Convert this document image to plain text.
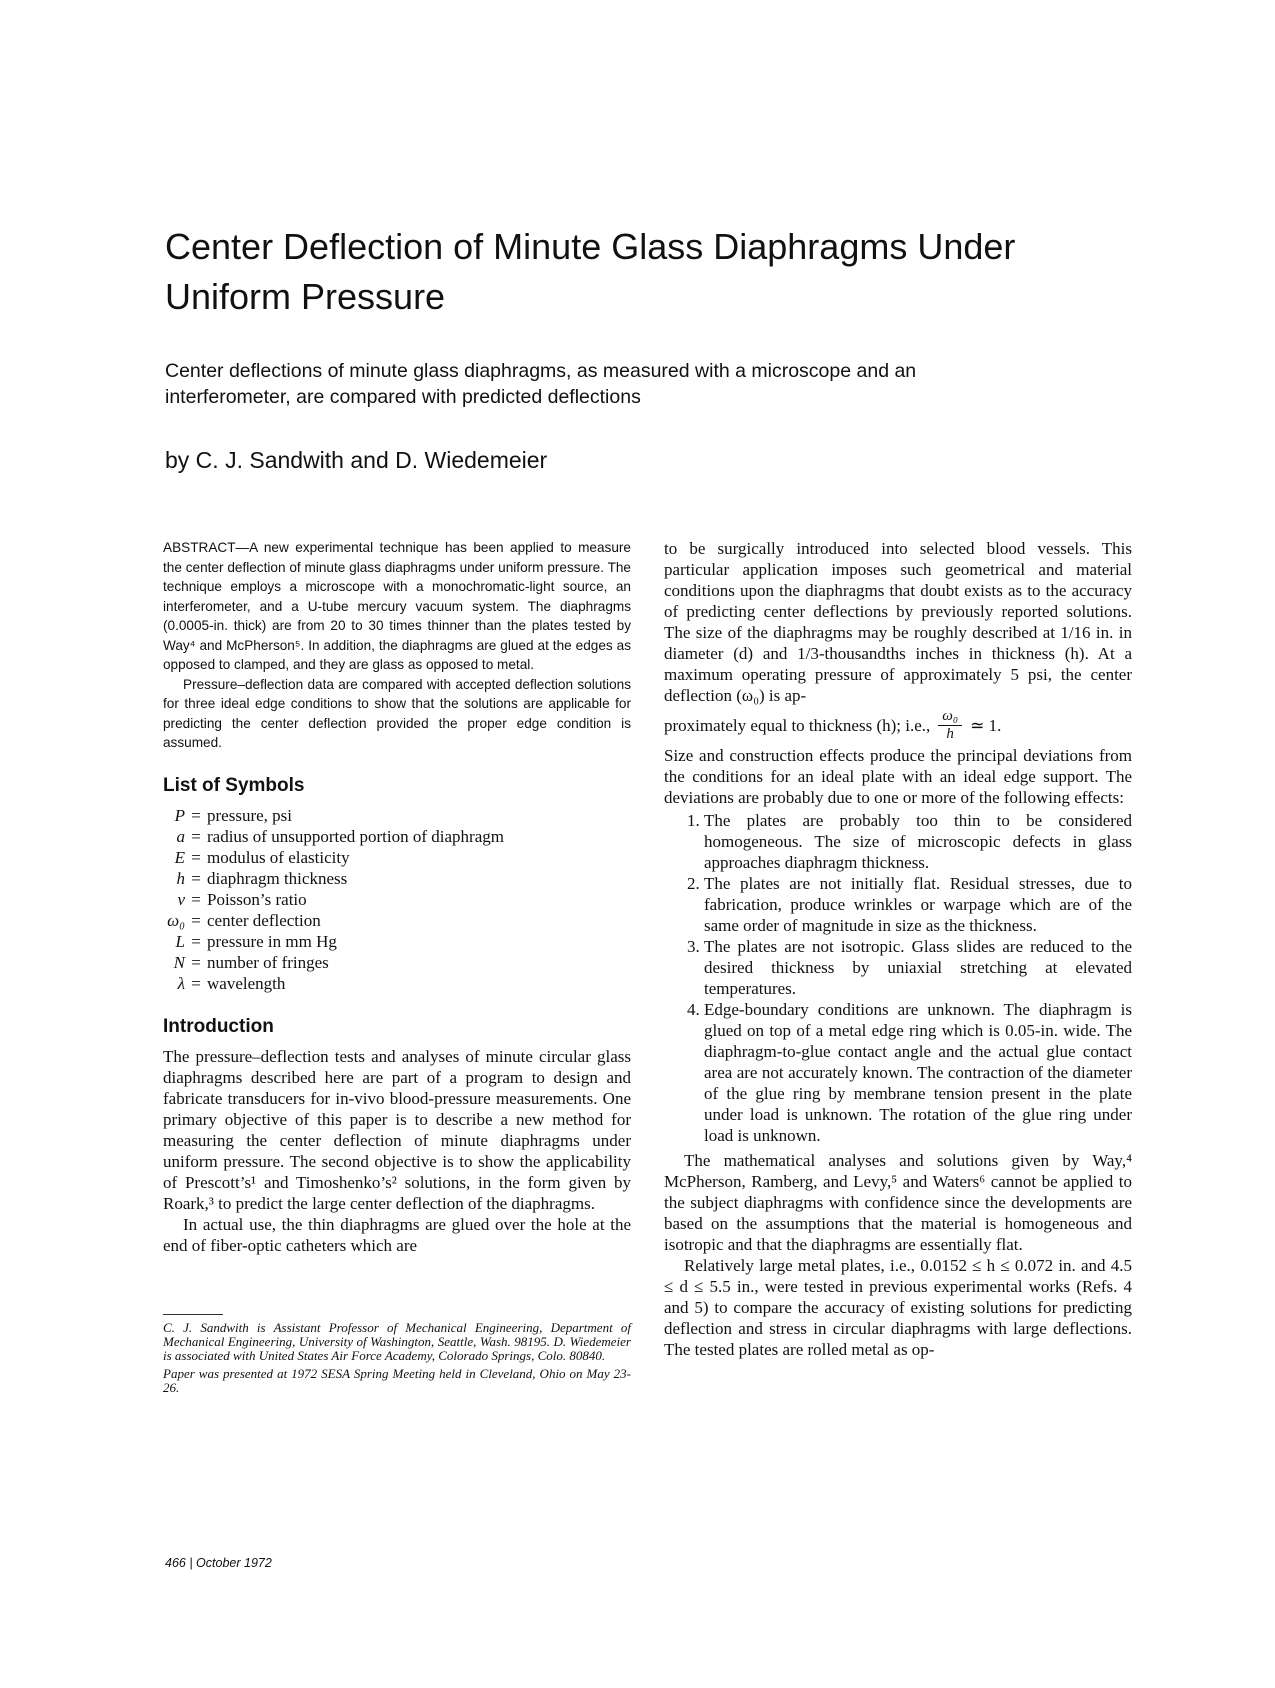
Center Deflection of Minute Glass Diaphragms Under Uniform Pressure

Center deflections of minute glass diaphragms, as measured with a microscope and an interferometer, are compared with predicted deflections

by C. J. Sandwith and D. Wiedemeier

ABSTRACT—A new experimental technique has been applied to measure the center deflection of minute glass diaphragms under uniform pressure. The technique employs a microscope with a monochromatic-light source, an interferometer, and a U-tube mercury vacuum system. The diaphragms (0.0005-in. thick) are from 20 to 30 times thinner than the plates tested by Way⁴ and McPherson⁵. In addition, the diaphragms are glued at the edges as opposed to clamped, and they are glass as opposed to metal.

Pressure–deflection data are compared with accepted deflection solutions for three ideal edge conditions to show that the solutions are applicable for predicting the center deflection provided the proper edge condition is assumed.

List of Symbols
P = pressure, psi
a = radius of unsupported portion of diaphragm
E = modulus of elasticity
h = diaphragm thickness
ν = Poisson’s ratio
ω₀ = center deflection
L = pressure in mm Hg
N = number of fringes
λ = wavelength
Introduction

The pressure–deflection tests and analyses of minute circular glass diaphragms described here are part of a program to design and fabricate transducers for in-vivo blood-pressure measurements. One primary objective of this paper is to describe a new method for measuring the center deflection of minute diaphragms under uniform pressure. The second objective is to show the applicability of Prescott’s¹ and Timoshenko’s² solutions, in the form given by Roark,³ to predict the large center deflection of the diaphragms.

In actual use, the thin diaphragms are glued over the hole at the end of fiber-optic catheters which are

C. J. Sandwith is Assistant Professor of Mechanical Engineering, Department of Mechanical Engineering, University of Washington, Seattle, Wash. 98195. D. Wiedemeier is associated with United States Air Force Academy, Colorado Springs, Colo. 80840.

Paper was presented at 1972 SESA Spring Meeting held in Cleveland, Ohio on May 23-26.

to be surgically introduced into selected blood vessels. This particular application imposes such geometrical and material conditions upon the diaphragms that doubt exists as to the accuracy of predicting center deflections by previously reported solutions. The size of the diaphragms may be roughly described at 1/16 in. in diameter (d) and 1/3-thousandths inches in thickness (h). At a maximum operating pressure of approximately 5 psi, the center deflection (ω₀) is ap-

proximately equal to thickness (h); i.e., $\frac{\text{ω₀}}{h}$ ≃ 1.

Size and construction effects produce the principal deviations from the conditions for an ideal plate with an ideal edge support. The deviations are probably due to one or more of the following effects:

1. The plates are probably too thin to be considered homogeneous. The size of microscopic defects in glass approaches diaphragm thickness.
2. The plates are not initially flat. Residual stresses, due to fabrication, produce wrinkles or warpage which are of the same order of magnitude in size as the thickness.
3. The plates are not isotropic. Glass slides are reduced to the desired thickness by uniaxial stretching at elevated temperatures.
4. Edge-boundary conditions are unknown. The diaphragm is glued on top of a metal edge ring which is 0.05-in. wide. The diaphragm-to-glue contact angle and the actual glue contact area are not accurately known. The contraction of the diameter of the glue ring by membrane tension present in the plate under load is unknown. The rotation of the glue ring under load is unknown.

The mathematical analyses and solutions given by Way,⁴ McPherson, Ramberg, and Levy,⁵ and Waters⁶ cannot be applied to the subject diaphragms with confidence since the developments are based on the assumptions that the material is homogeneous and isotropic and that the diaphragms are essentially flat.

Relatively large metal plates, i.e., 0.0152 ≤ h ≤ 0.072 in. and 4.5 ≤ d ≤ 5.5 in., were tested in previous experimental works (Refs. 4 and 5) to compare the accuracy of existing solutions for predicting deflection and stress in circular diaphragms with large deflections. The tested plates are rolled metal as op-

466 | October 1972
